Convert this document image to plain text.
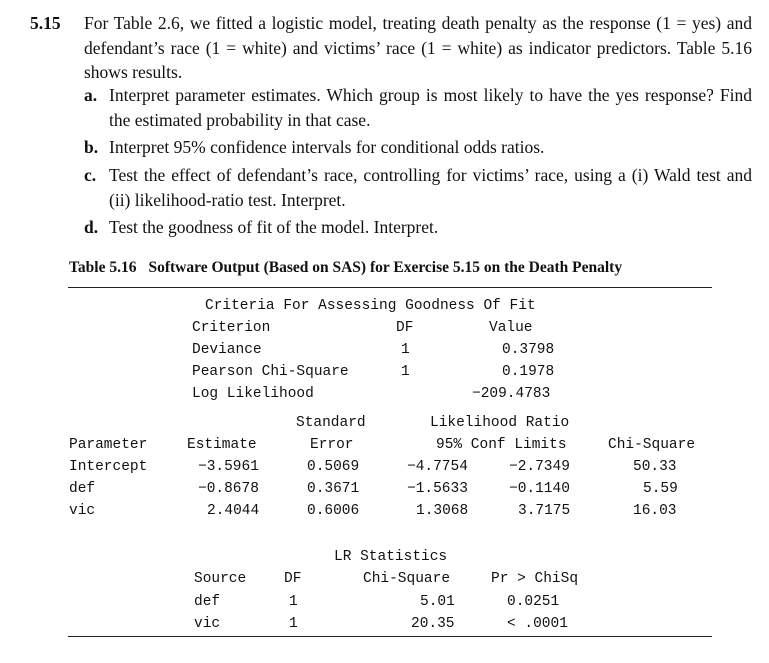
5.15 For Table 2.6, we fitted a logistic model, treating death penalty as the response (1 = yes) and defendant’s race (1 = white) and victims’ race (1 = white) as indicator predictors. Table 5.16 shows results.
a. Interpret parameter estimates. Which group is most likely to have the yes response? Find the estimated probability in that case.
b. Interpret 95% confidence intervals for conditional odds ratios.
c. Test the effect of defendant’s race, controlling for victims’ race, using a (i) Wald test and (ii) likelihood-ratio test. Interpret.
d. Test the goodness of fit of the model. Interpret.
Table 5.16 Software Output (Based on SAS) for Exercise 5.15 on the Death Penalty
Criteria For Assessing Goodness Of Fit
Criterion	DF	Value
Deviance	1	0.3798
Pearson Chi-Square	1	0.1978
Log Likelihood	−209.4783
Standard	Likelihood Ratio
Parameter	Estimate	Error	95% Conf Limits	Chi-Square
Intercept	−3.5961	0.5069	−4.7754	−2.7349	50.33
def	−0.8678	0.3671	−1.5633	−0.1140	5.59
vic	2.4044	0.6006	1.3068	3.7175	16.03
LR Statistics
Source	DF	Chi-Square	Pr > ChiSq
def	1	5.01	0.0251
vic	1	20.35	< .0001
